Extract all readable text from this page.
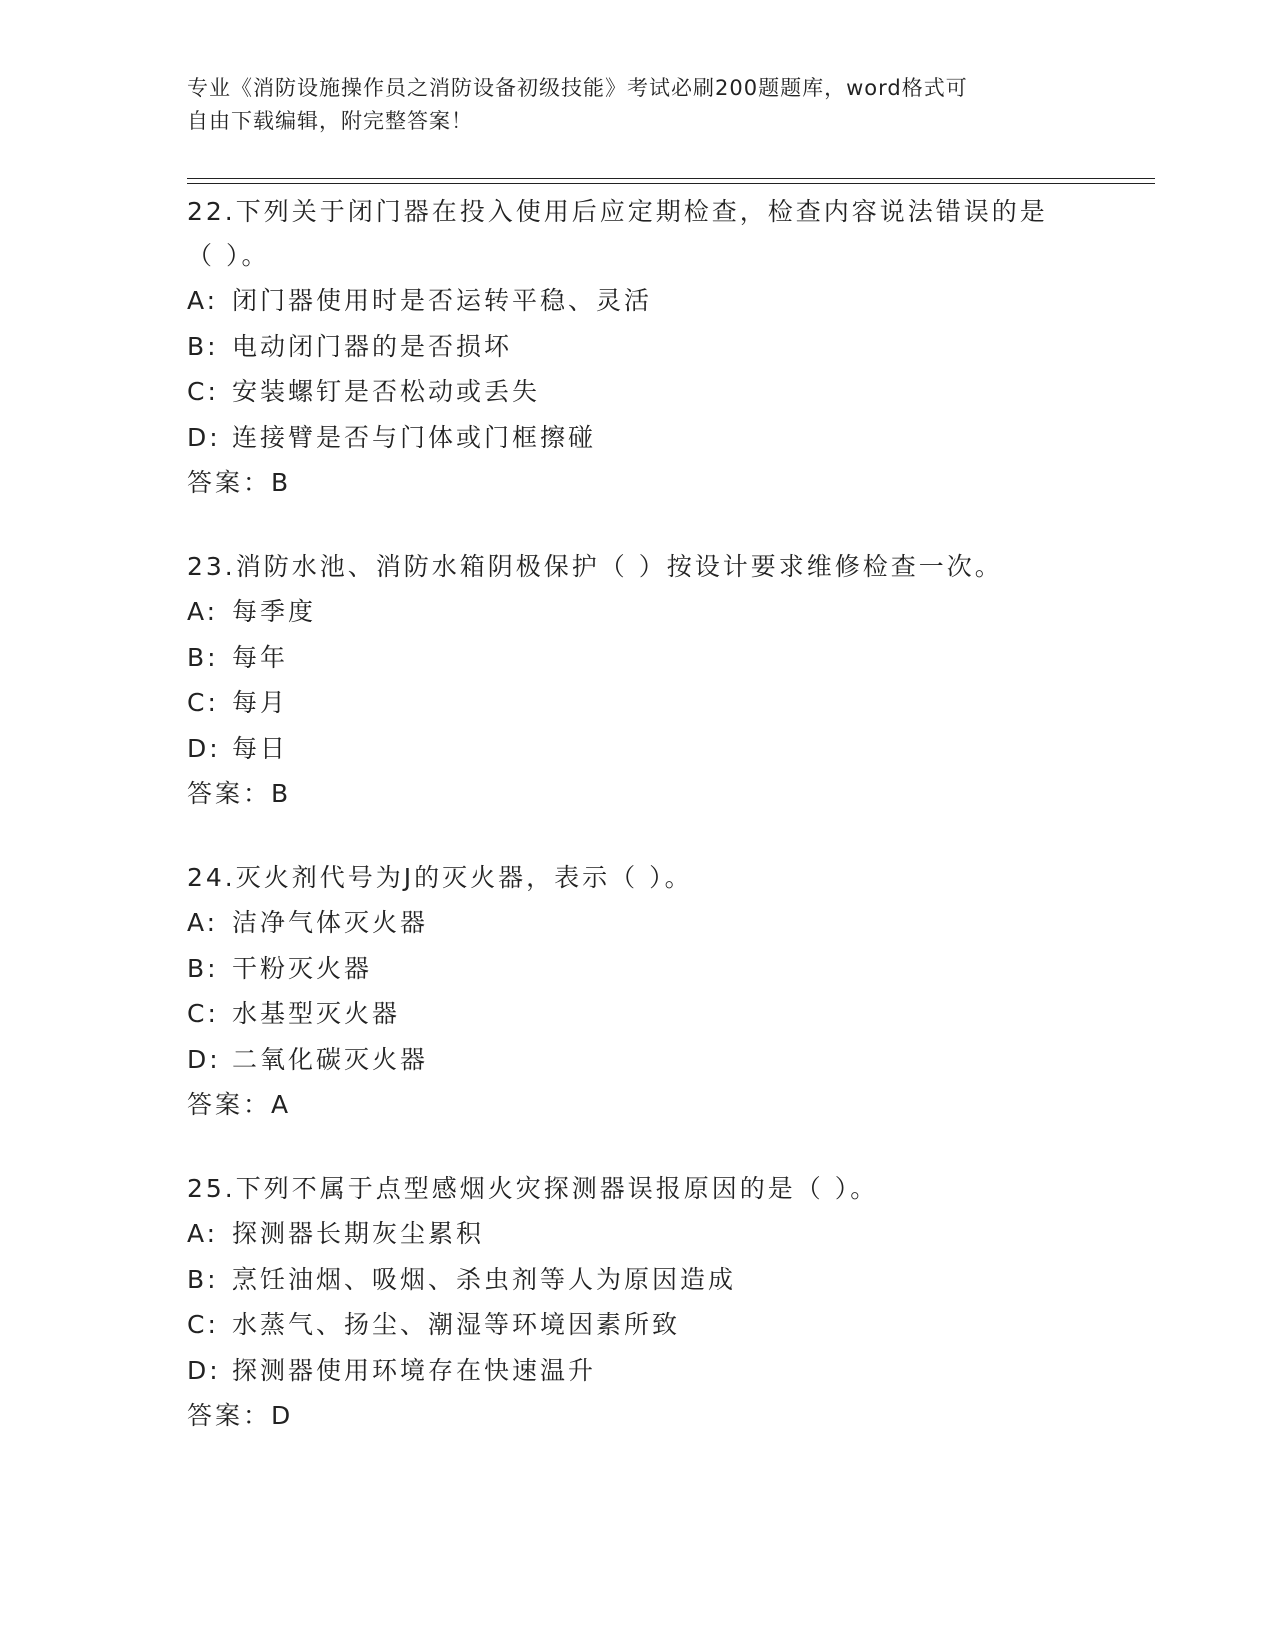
专业《消防设施操作员之消防设备初级技能》考试必刷200题题库，word格式可
自由下载编辑，附完整答案！
22.下列关于闭门器在投入使用后应定期检查，检查内容说法错误的是
（ ）。
A: 闭门器使用时是否运转平稳、灵活
B: 电动闭门器的是否损坏
C: 安装螺钉是否松动或丢失
D: 连接臂是否与门体或门框擦碰
答案：B
23.消防水池、消防水箱阴极保护（ ）按设计要求维修检查一次。
A: 每季度
B: 每年
C: 每月
D: 每日
答案：B
24.灭火剂代号为J的灭火器，表示（ ）。
A: 洁净气体灭火器
B: 干粉灭火器
C: 水基型灭火器
D: 二氧化碳灭火器
答案：A
25.下列不属于点型感烟火灾探测器误报原因的是（ ）。
A: 探测器长期灰尘累积
B: 烹饪油烟、吸烟、杀虫剂等人为原因造成
C: 水蒸气、扬尘、潮湿等环境因素所致
D: 探测器使用环境存在快速温升
答案：D
